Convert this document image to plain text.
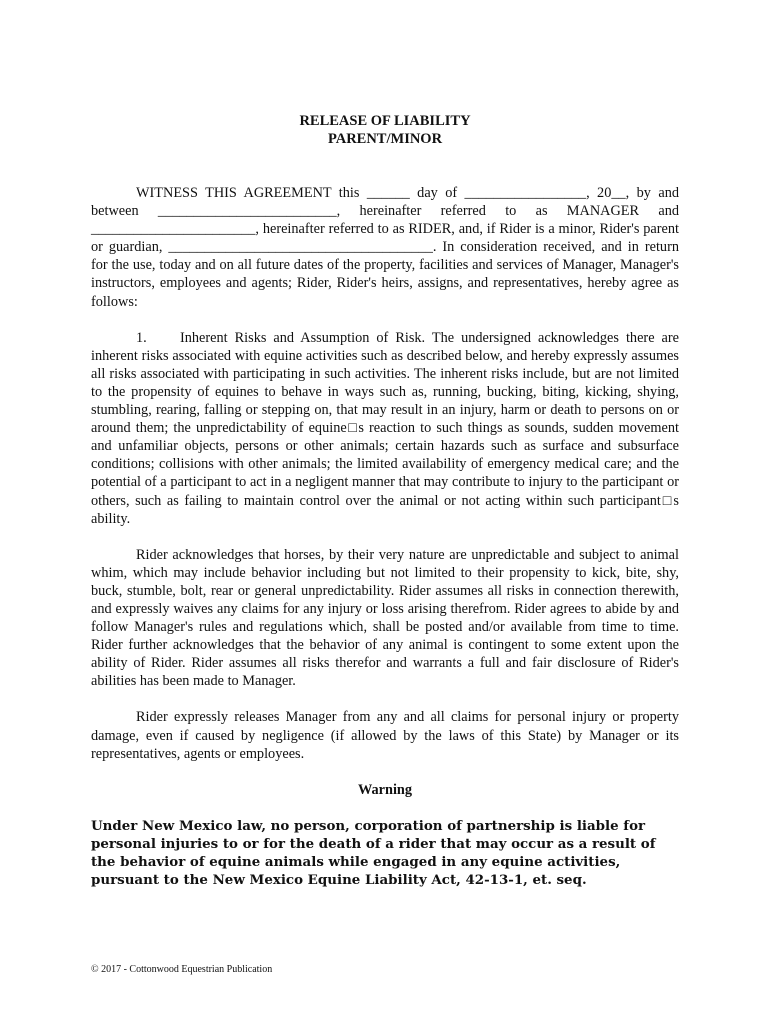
RELEASE OF LIABILITY
PARENT/MINOR

WITNESS THIS AGREEMENT this ______ day of _________________, 20__, by and between _________________________, hereinafter referred to as MANAGER and _______________________, hereinafter referred to as RIDER, and, if Rider is a minor, Rider's parent or guardian, _____________________________________. In consideration received, and in return for the use, today and on all future dates of the property, facilities and services of Manager, Manager's instructors, employees and agents; Rider, Rider's heirs, assigns, and representatives, hereby agree as follows:

1. Inherent Risks and Assumption of Risk. The undersigned acknowledges there are inherent risks associated with equine activities such as described below, and hereby expressly assumes all risks associated with participating in such activities. The inherent risks include, but are not limited to the propensity of equines to behave in ways such as, running, bucking, biting, kicking, shying, stumbling, rearing, falling or stepping on, that may result in an injury, harm or death to persons on or around them; the unpredictability of equine□s reaction to such things as sounds, sudden movement and unfamiliar objects, persons or other animals; certain hazards such as surface and subsurface conditions; collisions with other animals; the limited availability of emergency medical care; and the potential of a participant to act in a negligent manner that may contribute to injury to the participant or others, such as failing to maintain control over the animal or not acting within such participant□s ability.

Rider acknowledges that horses, by their very nature are unpredictable and subject to animal whim, which may include behavior including but not limited to their propensity to kick, bite, shy, buck, stumble, bolt, rear or general unpredictability. Rider assumes all risks in connection therewith, and expressly waives any claims for any injury or loss arising therefrom. Rider agrees to abide by and follow Manager's rules and regulations which, shall be posted and/or available from time to time. Rider further acknowledges that the behavior of any animal is contingent to some extent upon the ability of Rider. Rider assumes all risks therefor and warrants a full and fair disclosure of Rider's abilities has been made to Manager.

Rider expressly releases Manager from any and all claims for personal injury or property damage, even if caused by negligence (if allowed by the laws of this State) by Manager or its representatives, agents or employees.

Warning

Under New Mexico law, no person, corporation of partnership is liable for personal injuries to or for the death of a rider that may occur as a result of the behavior of equine animals while engaged in any equine activities, pursuant to the New Mexico Equine Liability Act, 42-13-1, et. seq.

© 2017 - Cottonwood Equestrian Publication
